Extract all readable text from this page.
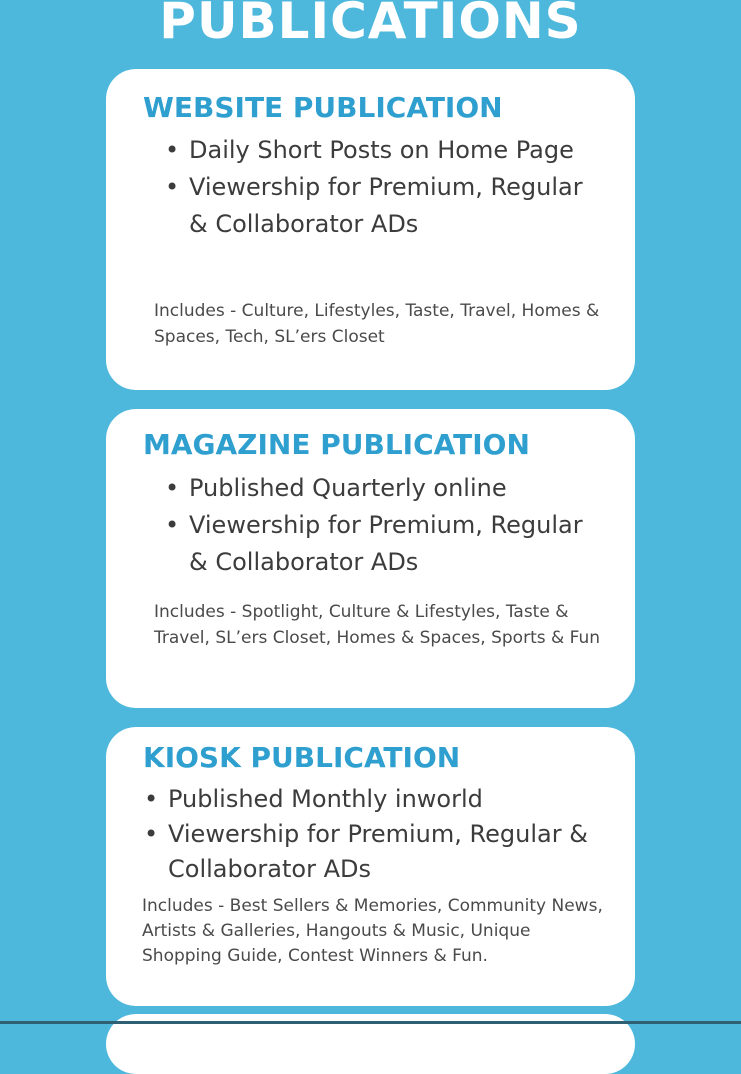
PUBLICATIONS
WEBSITE PUBLICATION
• Daily Short Posts on Home Page
• Viewership for Premium, Regular & Collaborator ADs

Includes - Culture, Lifestyles, Taste, Travel, Homes & Spaces, Tech, SL’ers Closet

MAGAZINE PUBLICATION
• Published Quarterly online
• Viewership for Premium, Regular & Collaborator ADs

Includes - Spotlight, Culture & Lifestyles, Taste & Travel, SL’ers Closet, Homes & Spaces, Sports & Fun

KIOSK PUBLICATION
• Published Monthly inworld
• Viewership for Premium, Regular & Collaborator ADs

Includes - Best Sellers & Memories, Community News, Artists & Galleries, Hangouts & Music, Unique Shopping Guide, Contest Winners & Fun.
